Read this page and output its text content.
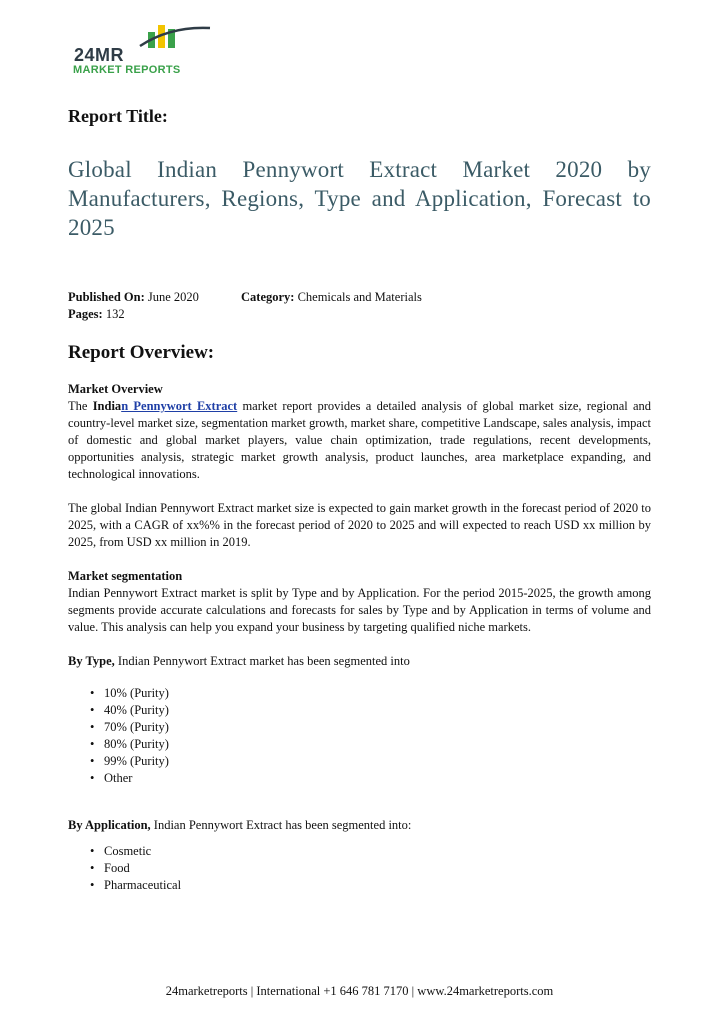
24MR
MARKET REPORTS
Report Title:
Global Indian Pennywort Extract Market 2020 by
Manufacturers, Regions, Type and Application, Forecast to
2025
Published On: June 2020	Category: Chemicals and Materials
Pages: 132
Report Overview:
Market Overview
The Indian Pennywort Extract market report provides a detailed analysis of global market size, regional and country-level market size, segmentation market growth, market share, competitive Landscape, sales analysis, impact of domestic and global market players, value chain optimization, trade regulations, recent developments, opportunities analysis, strategic market growth analysis, product launches, area marketplace expanding, and technological innovations.
The global Indian Pennywort Extract market size is expected to gain market growth in the forecast period of 2020 to 2025, with a CAGR of xx%% in the forecast period of 2020 to 2025 and will expected to reach USD xx million by 2025, from USD xx million in 2019.
Market segmentation
Indian Pennywort Extract market is split by Type and by Application. For the period 2015-2025, the growth among segments provide accurate calculations and forecasts for sales by Type and by Application in terms of volume and value. This analysis can help you expand your business by targeting qualified niche markets.
By Type, Indian Pennywort Extract market has been segmented into
• 10% (Purity)
• 40% (Purity)
• 70% (Purity)
• 80% (Purity)
• 99% (Purity)
• Other
By Application, Indian Pennywort Extract has been segmented into:
• Cosmetic
• Food
• Pharmaceutical
24marketreports | International +1 646 781 7170 | www.24marketreports.com
